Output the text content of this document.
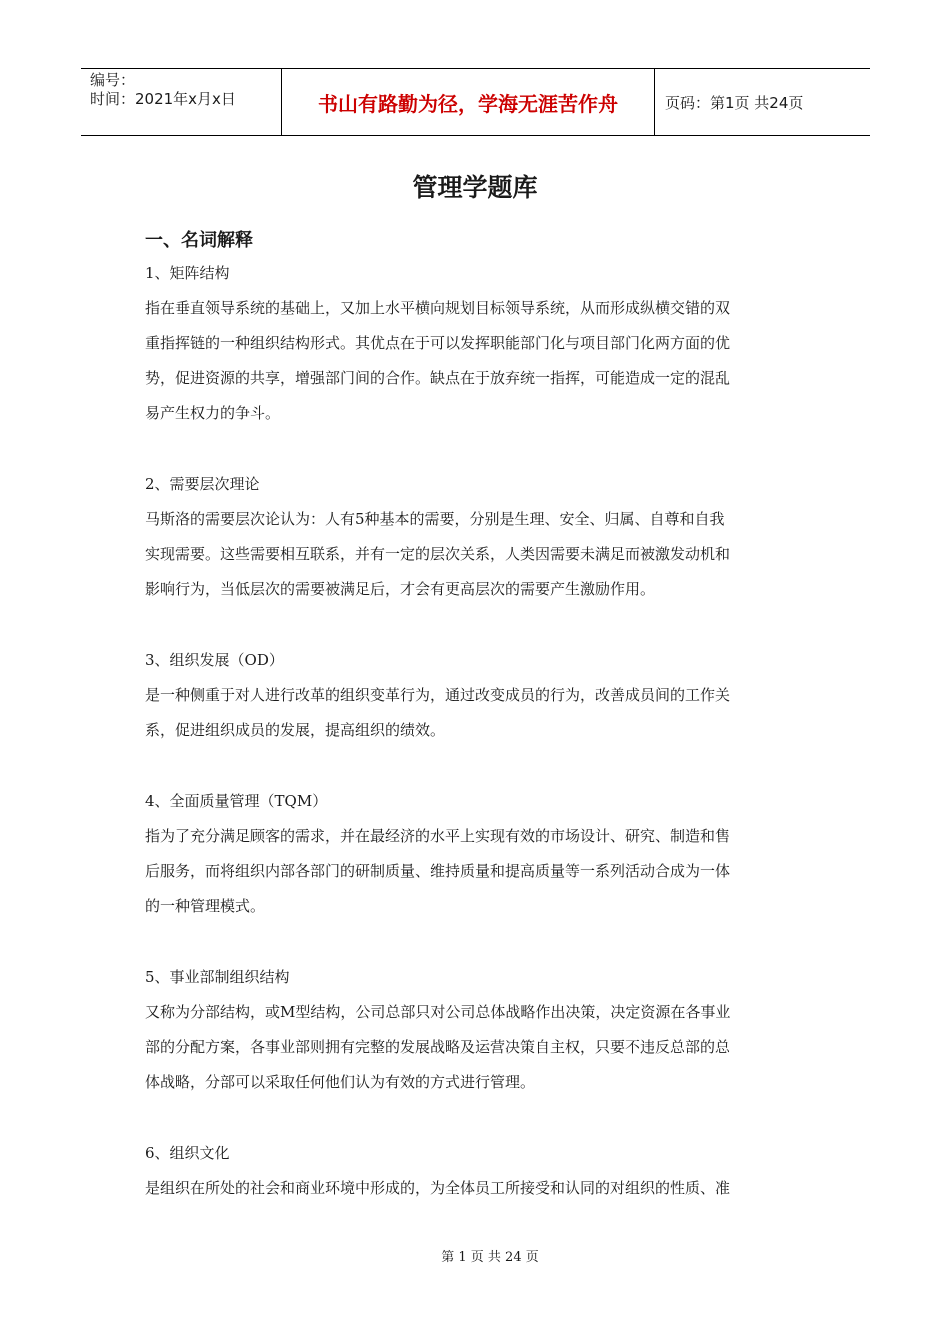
编号：
时间：2021年x月x日	书山有路勤为径，学海无涯苦作舟	页码：第1页 共24页
管理学题库
一、名词解释
1、矩阵结构

指在垂直领导系统的基础上，又加上水平横向规划目标领导系统，从而形成纵横交错的双

重指挥链的一种组织结构形式。其优点在于可以发挥职能部门化与项目部门化两方面的优

势，促进资源的共享，增强部门间的合作。缺点在于放弃统一指挥，可能造成一定的混乱

易产生权力的争斗。

2、需要层次理论

马斯洛的需要层次论认为：人有5种基本的需要，分别是生理、安全、归属、自尊和自我

实现需要。这些需要相互联系，并有一定的层次关系，人类因需要未满足而被激发动机和

影响行为，当低层次的需要被满足后，才会有更高层次的需要产生激励作用。

3、组织发展（OD）

是一种侧重于对人进行改革的组织变革行为，通过改变成员的行为，改善成员间的工作关

系，促进组织成员的发展，提高组织的绩效。

4、全面质量管理（TQM）

指为了充分满足顾客的需求，并在最经济的水平上实现有效的市场设计、研究、制造和售

后服务，而将组织内部各部门的研制质量、维持质量和提高质量等一系列活动合成为一体

的一种管理模式。

5、事业部制组织结构

又称为分部结构，或M型结构，公司总部只对公司总体战略作出决策，决定资源在各事业

部的分配方案，各事业部则拥有完整的发展战略及运营决策自主权，只要不违反总部的总

体战略，分部可以采取任何他们认为有效的方式进行管理。

6、组织文化

是组织在所处的社会和商业环境中形成的，为全体员工所接受和认同的对组织的性质、准

第 1 页 共 24 页
